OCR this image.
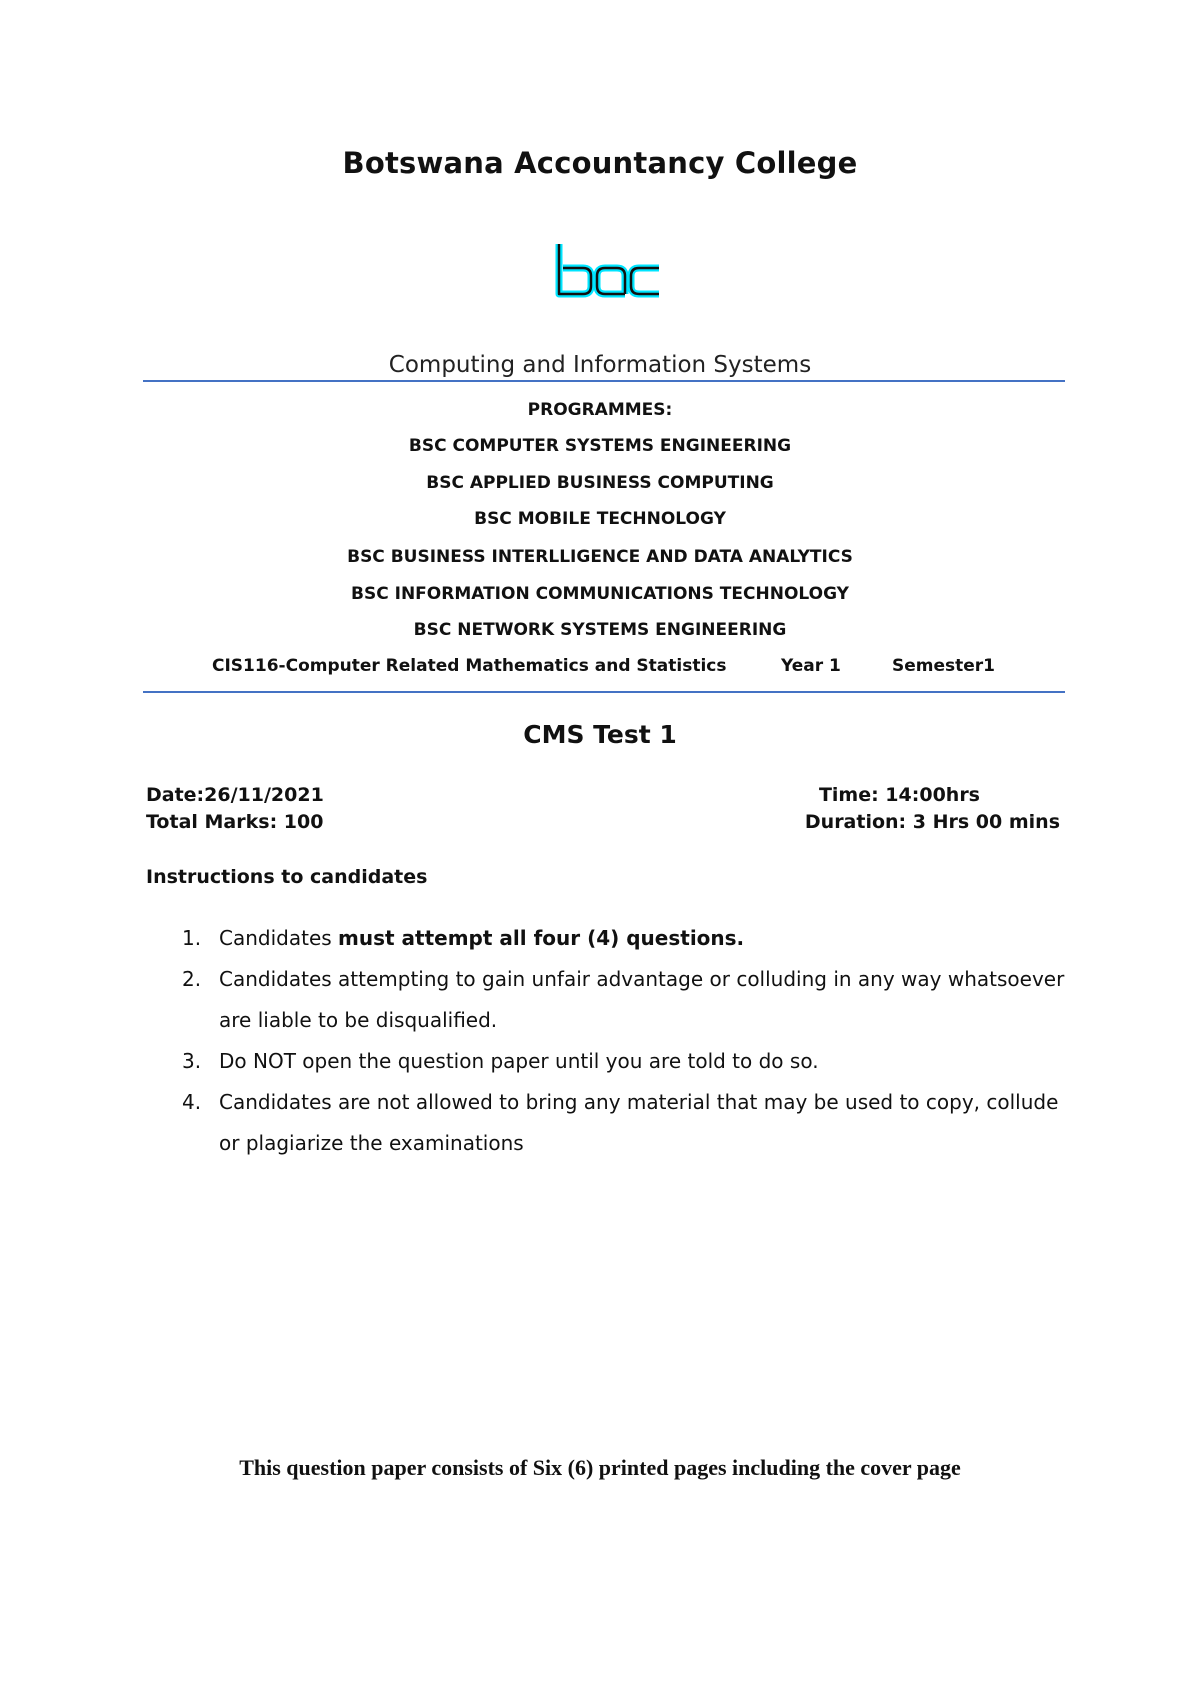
Botswana Accountancy College
Computing and Information Systems
PROGRAMMES:
BSC COMPUTER SYSTEMS ENGINEERING
BSC APPLIED BUSINESS COMPUTING
BSC MOBILE TECHNOLOGY
BSC BUSINESS INTERLLIGENCE AND DATA ANALYTICS
BSC INFORMATION COMMUNICATIONS TECHNOLOGY
BSC NETWORK SYSTEMS ENGINEERING
CIS116-Computer Related Mathematics and Statistics	Year 1	Semester1
CMS Test 1
Date:26/11/2021
Total Marks: 100
Time: 14:00hrs
Duration: 3 Hrs 00 mins
Instructions to candidates
1. Candidates must attempt all four (4) questions.
2. Candidates attempting to gain unfair advantage or colluding in any way whatsoever are liable to be disqualified.
3. Do NOT open the question paper until you are told to do so.
4. Candidates are not allowed to bring any material that may be used to copy, collude or plagiarize the examinations
This question paper consists of Six (6) printed pages including the cover page
